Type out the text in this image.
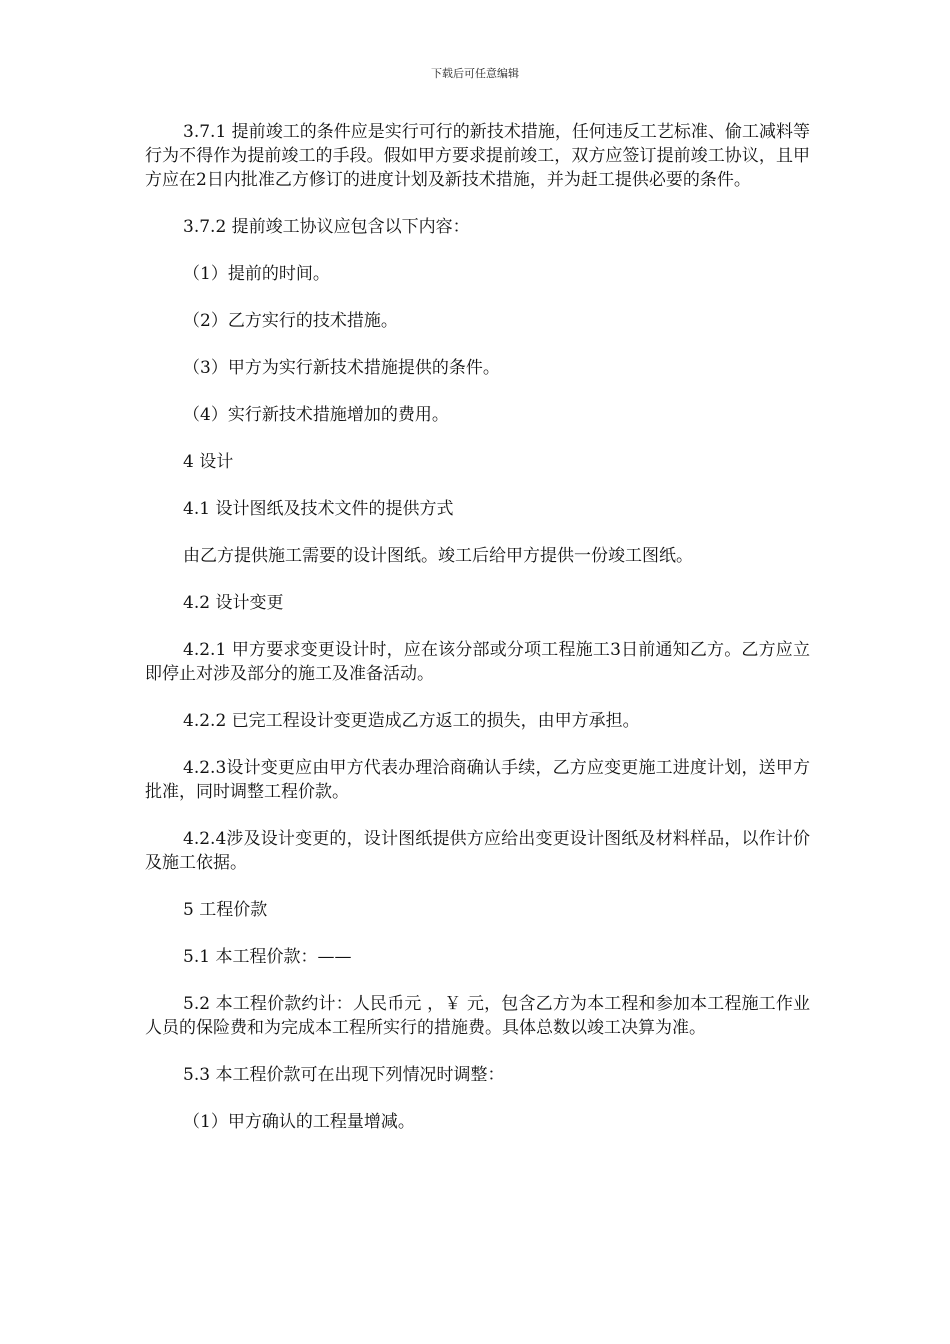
下载后可任意编辑

3.7.1 提前竣工的条件应是实行可行的新技术措施，任何违反工艺标准、偷工减料等行为不得作为提前竣工的手段。假如甲方要求提前竣工，双方应签订提前竣工协议，且甲方应在2日内批准乙方修订的进度计划及新技术措施，并为赶工提供必要的条件。

3.7.2 提前竣工协议应包含以下内容：

（1）提前的时间。

（2）乙方实行的技术措施。

（3）甲方为实行新技术措施提供的条件。

（4）实行新技术措施增加的费用。

4 设计

4.1 设计图纸及技术文件的提供方式

由乙方提供施工需要的设计图纸。竣工后给甲方提供一份竣工图纸。

4.2 设计变更

4.2.1 甲方要求变更设计时，应在该分部或分项工程施工3日前通知乙方。乙方应立即停止对涉及部分的施工及准备活动。

4.2.2 已完工程设计变更造成乙方返工的损失，由甲方承担。

4.2.3设计变更应由甲方代表办理洽商确认手续，乙方应变更施工进度计划，送甲方批准，同时调整工程价款。

4.2.4涉及设计变更的，设计图纸提供方应给出变更设计图纸及材料样品，以作计价及施工依据。

5 工程价款

5.1 本工程价款：——

5.2 本工程价款约计：人民币元 ，￥ 元，包含乙方为本工程和参加本工程施工作业人员的保险费和为完成本工程所实行的措施费。具体总数以竣工决算为准。

5.3 本工程价款可在出现下列情况时调整：

（1）甲方确认的工程量增减。
